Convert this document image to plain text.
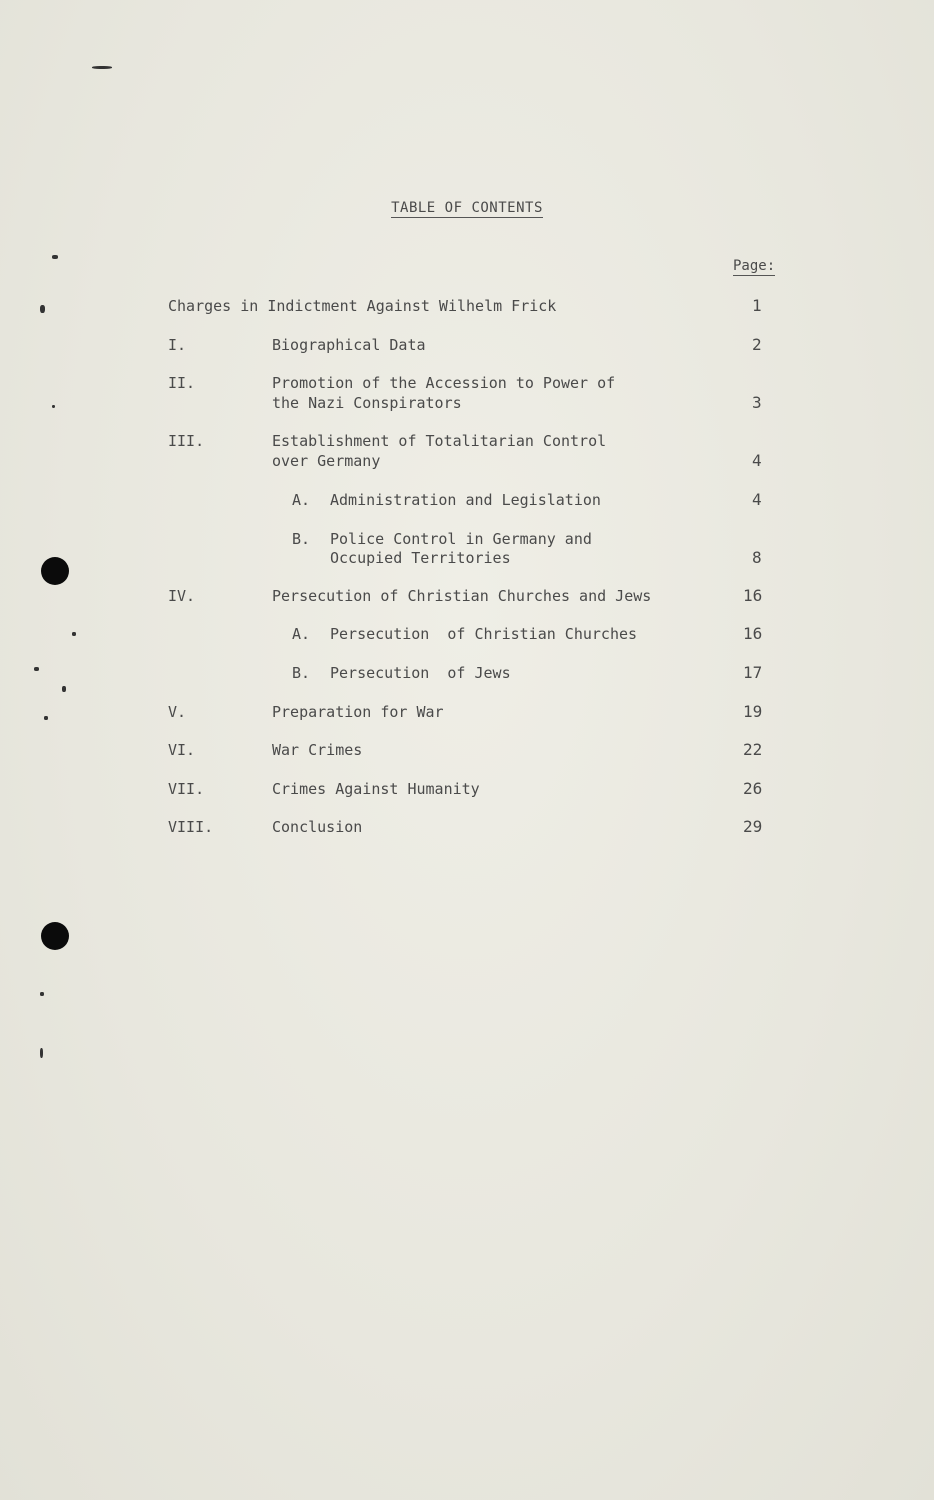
TABLE OF CONTENTS
Page:
Charges in Indictment Against Wilhelm Frick	1
I.	Biographical Data	2
II.	Promotion of the Accession to Power of
the Nazi Conspirators	3
III.	Establishment of Totalitarian Control
over Germany	4
A. Administration and Legislation	4
B. Police Control in Germany and
Occupied Territories	8
IV.	Persecution of Christian Churches and Jews	16
A. Persecution  of Christian Churches	16
B. Persecution  of Jews	17
V.	Preparation for War	19
VI.	War Crimes	22
VII.	Crimes Against Humanity	26
VIII.	Conclusion	29
